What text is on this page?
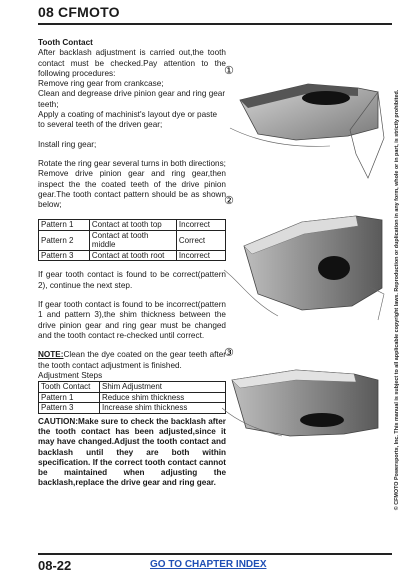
08 CFMOTO

Tooth Contact

After backlash adjustment is carried out,the tooth contact must be checked.Pay attention to the following procedures:

Remove ring gear from crankcase;

Clean and degrease drive pinion gear and ring gear teeth;

Apply a coating of machinist's layout dye or paste to several teeth of the driven gear;

Install ring gear;

Rotate the ring gear several turns in both directions;

Remove drive pinion gear and ring gear,then inspect the the coated teeth of the drive pinion gear.The tooth contact pattern should be as shown below;

Pattern 1	Contact at tooth top	Incorrect
Pattern 2	Contact at tooth middle	Correct
Pattern 3	Contact at tooth root	Incorrect

If gear tooth contact is found to be correct(pattern 2), continue the next step.

If gear tooth contact is found to be incorrect(pattern 1 and pattern 3),the shim thickness between the drive pinion gear and ring gear must be changed and the tooth contact re-checked until correct.

NOTE:Clean the dye coated on the gear teeth after the tooth contact adjustment is finished.

Adjustment Steps

Tooth Contact	Shim Adjustment
Pattern 1	Reduce shim thickness
Pattern 3	Increase shim thickness

CAUTION:Make sure to check the backlash after the tooth contact has been adjusted,since it may have changed.Adjust the tooth contact and backlash until they are both within specification. If the correct tooth contact cannot be maintained when adjusting the backlash,replace the drive gear and ring gear.

①
②
③	© CFMOTO Powersports, Inc. This manual is subject to all applicable copyright laws. Reproduction or duplication in any form, whole or in part, is strictly prohibited.
08-22	GO TO CHAPTER INDEX
